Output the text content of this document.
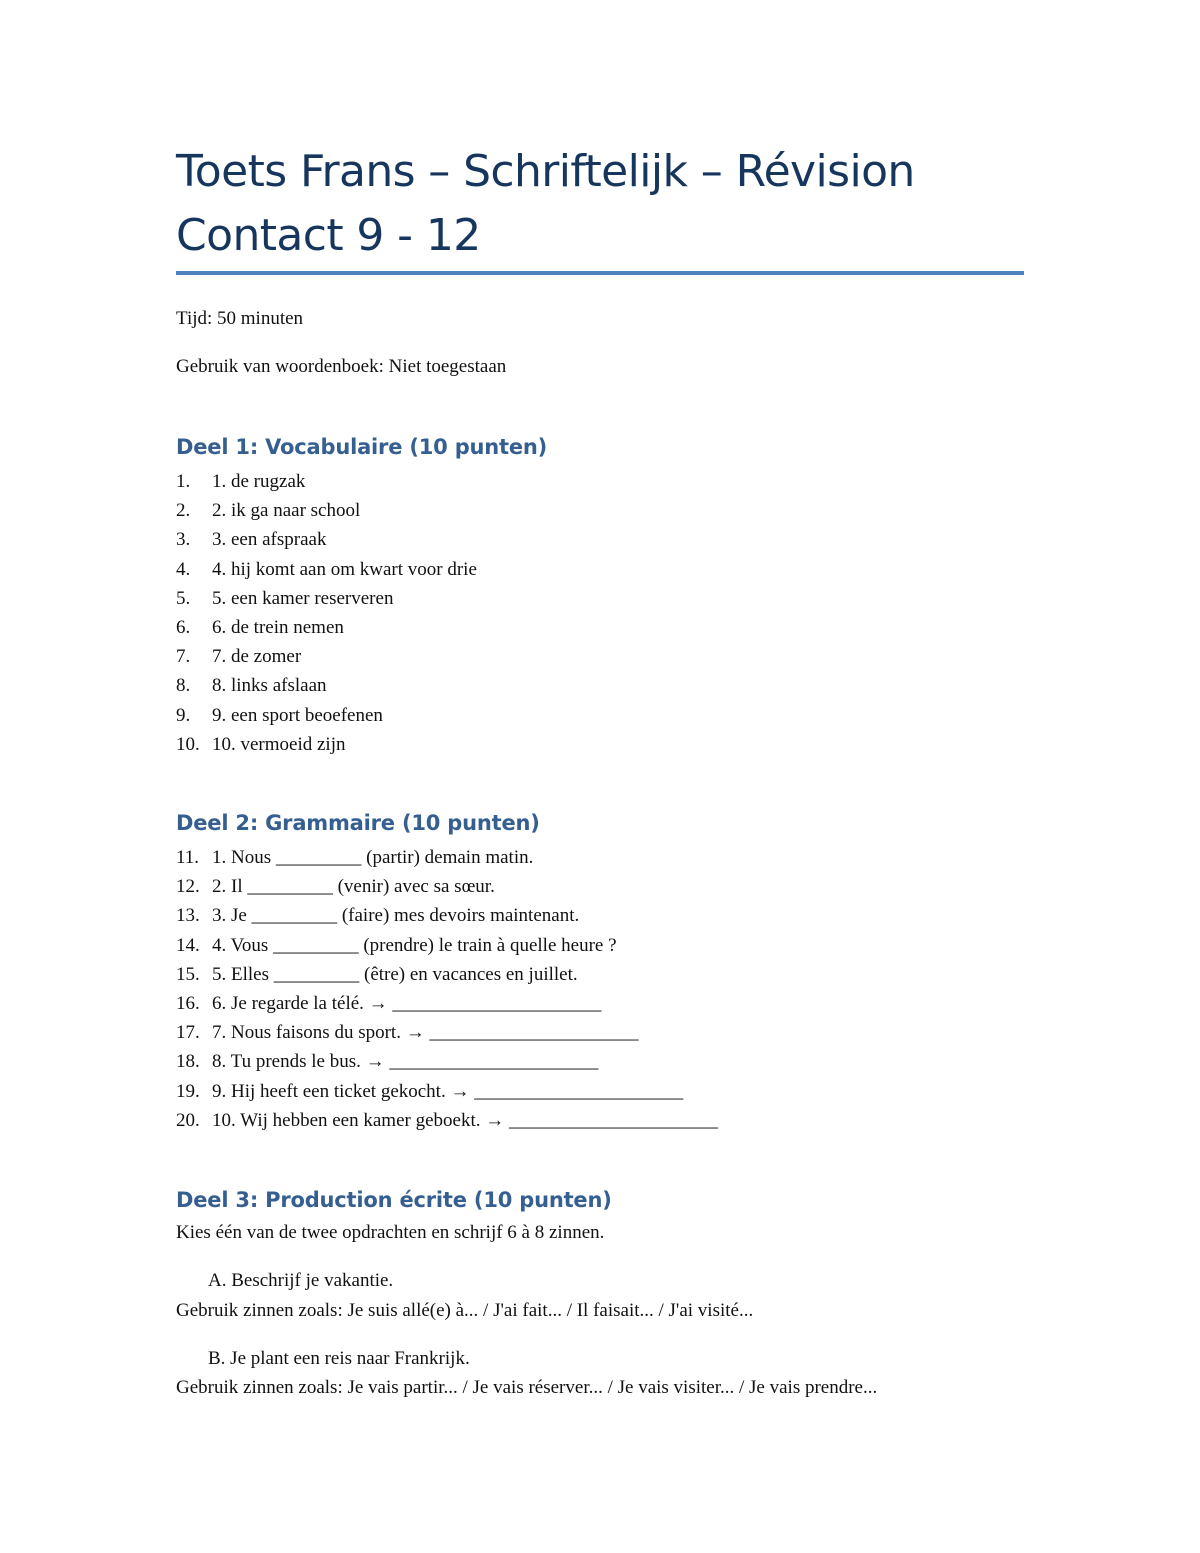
Toets Frans – Schriftelijk – Révision
Contact 9 - 12

Tijd: 50 minuten

Gebruik van woordenboek: Niet toegestaan

Deel 1: Vocabulaire (10 punten)
1. 1. de rugzak
2. 2. ik ga naar school
3. 3. een afspraak
4. 4. hij komt aan om kwart voor drie
5. 5. een kamer reserveren
6. 6. de trein nemen
7. 7. de zomer
8. 8. links afslaan
9. 9. een sport beoefenen
10. 10. vermoeid zijn
Deel 2: Grammaire (10 punten)
11. 1. Nous _________ (partir) demain matin.
12. 2. Il _________ (venir) avec sa sœur.
13. 3. Je _________ (faire) mes devoirs maintenant.
14. 4. Vous _________ (prendre) le train à quelle heure ?
15. 5. Elles _________ (être) en vacances en juillet.
16. 6. Je regarde la télé. → ______________________
17. 7. Nous faisons du sport. → ______________________
18. 8. Tu prends le bus. → ______________________
19. 9. Hij heeft een ticket gekocht. → ______________________
20. 10. Wij hebben een kamer geboekt. → ______________________
Deel 3: Production écrite (10 punten)

Kies één van de twee opdrachten en schrijf 6 à 8 zinnen.

A. Beschrijf je vakantie.

Gebruik zinnen zoals: Je suis allé(e) à... / J'ai fait... / Il faisait... / J'ai visité...

B. Je plant een reis naar Frankrijk.

Gebruik zinnen zoals: Je vais partir... / Je vais réserver... / Je vais visiter... / Je vais prendre...
